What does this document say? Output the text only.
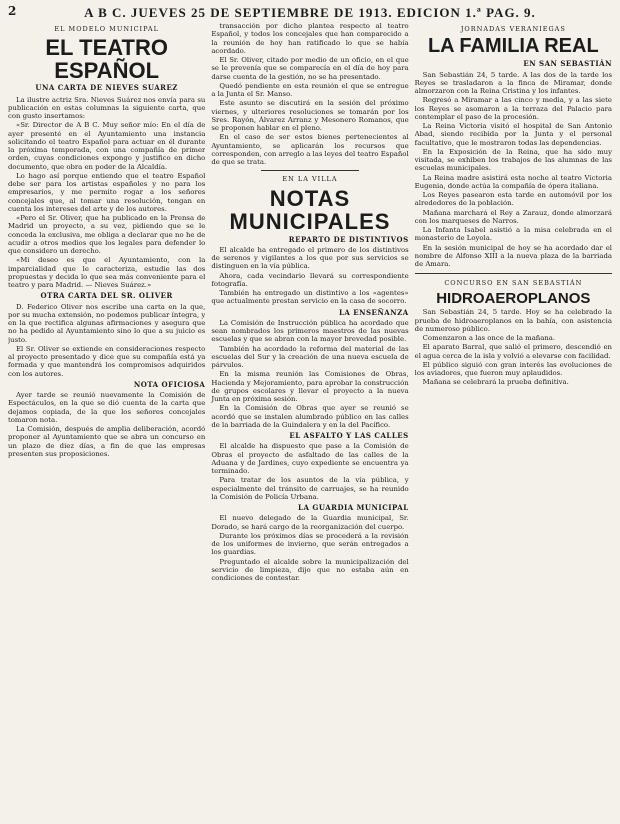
2	A B C. JUEVES 25 DE SEPTIEMBRE DE 1913. EDICION 1.ª PAG. 9.
EL MODELO MUNICIPAL
EL TEATRO ESPAÑOL
UNA CARTA DE NIEVES SUAREZ

La ilustre actriz Sra. Nieves Suárez nos envía para su publicación en estas columnas la siguiente carta, que con gusto insertamos:

«Sr. Director de A B C. Muy señor mío: En el día de ayer presenté en el Ayuntamiento una instancia solicitando el teatro Español para actuar en él durante la próxima temporada, con una compañía de primer orden, cuyas condiciones expongo y justifico en dicho documento, que obra en poder de la Alcaldía.

Lo hago así porque entiendo que el teatro Español debe ser para los artistas españoles y no para los empresarios, y me permito rogar a los señores concejales que, al tomar una resolución, tengan en cuenta los intereses del arte y de los autores.

«Pero el Sr. Oliver, que ha publicado en la Prensa de Madrid un proyecto, a su vez, pidiendo que se le conceda la exclusiva, me obliga a declarar que no he de acudir a otros medios que los legales para defender lo que considero un derecho.

«Mi deseo es que el Ayuntamiento, con la imparcialidad que le caracteriza, estudie las dos propuestas y decida lo que sea más conveniente para el teatro y para Madrid. — Nieves Suárez.»

OTRA CARTA DEL SR. OLIVER

D. Federico Oliver nos escribe una carta en la que, por su mucha extensión, no podemos publicar íntegra, y en la que rectifica algunas afirmaciones y asegura que no ha pedido al Ayuntamiento sino lo que a su juicio es justo.

El Sr. Oliver se extiende en consideraciones respecto al proyecto presentado y dice que su compañía está ya formada y que mantendrá los compromisos adquiridos con los autores.

NOTA OFICIOSA

Ayer tarde se reunió nuevamente la Comisión de Espectáculos, en la que se dió cuenta de la carta que dejamos copiada, de la que los señores concejales tomaron nota.

La Comisión, después de amplia deliberación, acordó proponer al Ayuntamiento que se abra un concurso en un plazo de diez días, a fin de que las empresas presenten sus proposiciones.

transacción por dicho plantea respecto al teatro Español, y todos los concejales que han comparecido a la reunión de hoy han ratificado lo que se había acordado.

El Sr. Oliver, citado por medio de un oficio, en el que se le prevenía que se comparecía en el día de hoy para darse cuenta de la gestión, no se ha presentado.

Quedó pendiente en esta reunión el que se entregue a la Junta el Sr. Manso.

Este asunto se discutirá en la sesión del próximo viernes, y ulteriores resoluciones se tomarán por los Sres. Rayón, Álvarez Arranz y Mesonero Romanos, que se proponen hablar en el pleno.

En el caso de ser estos bienes pertenecientes al Ayuntamiento, se aplicarán los recursos que corresponden, con arreglo a las leyes del teatro Español de que se trata.

EN LA VILLA
NOTAS MUNICIPALES
REPARTO DE DISTINTIVOS

El alcalde ha entregado el primero de los distintivos de serenos y vigilantes a los que por sus servicios se distinguen en la vía pública.

Ahora, cada vecindario llevará su correspondiente fotografía.

También ha entregado un distintivo a los «agentes» que actualmente prestan servicio en la casa de socorro.

LA ENSEÑANZA

La Comisión de Instrucción pública ha acordado que sean nombrados los primeros maestros de las nuevas escuelas y que se abran con la mayor brevedad posible.

También ha acordado la reforma del material de las escuelas del Sur y la creación de una nueva escuela de párvulos.

En la misma reunión las Comisiones de Obras, Hacienda y Mejoramiento, para aprobar la construcción de grupos escolares y llevar el proyecto a la nueva Junta en próxima sesión.

En la Comisión de Obras que ayer se reunió se acordó que se instalen alumbrado público en las calles de la barriada de la Guindalera y en la del Pacífico.

EL ASFALTO Y LAS CALLES

El alcalde ha dispuesto que pase a la Comisión de Obras el proyecto de asfaltado de las calles de la Aduana y de Jardines, cuyo expediente se encuentra ya terminado.

Para tratar de los asuntos de la vía pública, y especialmente del tránsito de carruajes, se ha reunido la Comisión de Policía Urbana.

LA GUARDIA MUNICIPAL

El nuevo delegado de la Guardia municipal, Sr. Dorado, se hará cargo de la reorganización del cuerpo.

Durante los próximos días se procederá a la revisión de los uniformes de invierno, que serán entregados a los guardias.

Preguntado el alcalde sobre la municipalización del servicio de limpieza, dijo que no estaba aún en condiciones de contestar.

JORNADAS VERANIEGAS
LA FAMILIA REAL
EN SAN SEBASTIÁN

San Sebastián 24, 5 tarde. A las dos de la tarde los Reyes se trasladaron a la finca de Miramar, donde almorzaron con la Reina Cristina y los infantes.

Regresó a Miramar a las cinco y media, y a las siete los Reyes se asomaron a la terraza del Palacio para contemplar el paso de la procesión.

La Reina Victoria visitó el hospital de San Antonio Abad, siendo recibida por la Junta y el personal facultativo, que le mostraron todas las dependencias.

En la Exposición de la Reina, que ha sido muy visitada, se exhiben los trabajos de las alumnas de las escuelas municipales.

La Reina madre asistirá esta noche al teatro Victoria Eugenia, donde actúa la compañía de ópera italiana.

Los Reyes pasearon esta tarde en automóvil por los alrededores de la población.

Mañana marchará el Rey a Zarauz, donde almorzará con los marqueses de Narros.

La Infanta Isabel asistió a la misa celebrada en el monasterio de Loyola.

En la sesión municipal de hoy se ha acordado dar el nombre de Alfonso XIII a la nueva plaza de la barriada de Amara.

CONCURSO EN SAN SEBASTIÁN
HIDROAEROPLANOS

San Sebastián 24, 5 tarde. Hoy se ha celebrado la prueba de hidroaeroplanos en la bahía, con asistencia de numeroso público.

Comenzaron a las once de la mañana.

El aparato Barral, que salió el primero, descendió en el agua cerca de la isla y volvió a elevarse con facilidad.

El público siguió con gran interés las evoluciones de los aviadores, que fueron muy aplaudidos.

Mañana se celebrará la prueba definitiva.
